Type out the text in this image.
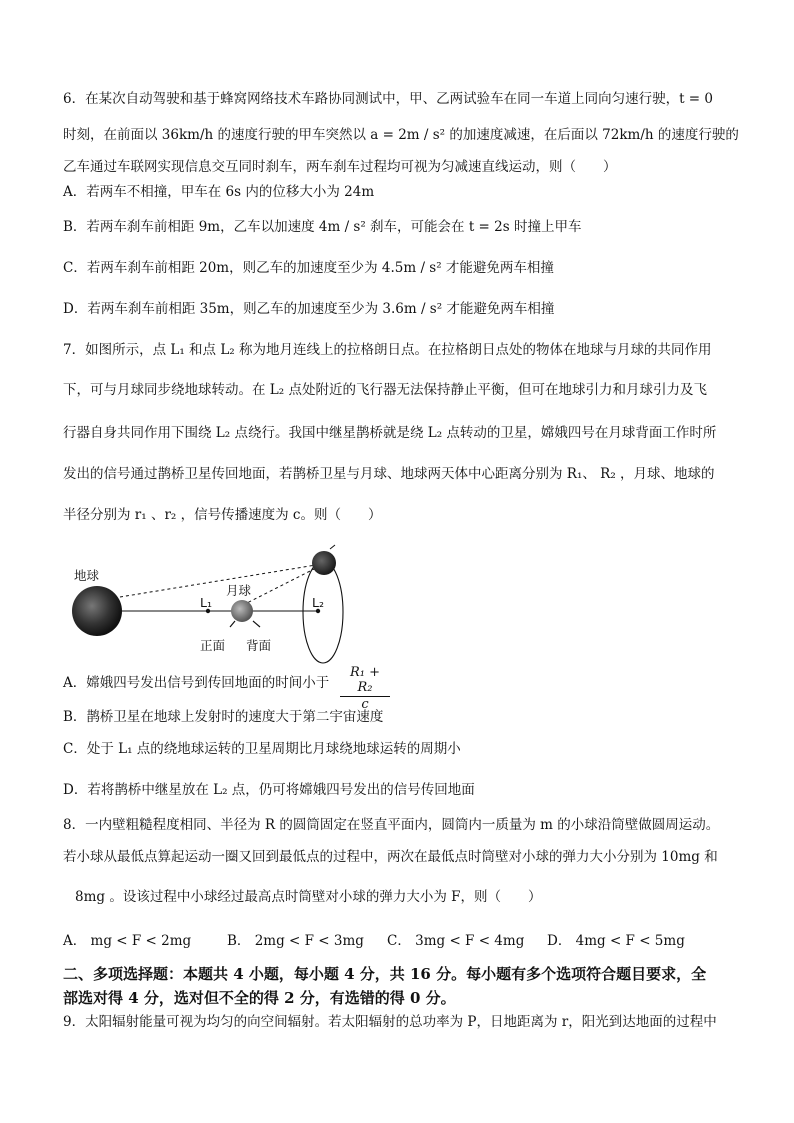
6．在某次自动驾驶和基于蜂窝网络技术车路协同测试中，甲、乙两试验车在同一车道上同向匀速行驶，t = 0
时刻，在前面以 36km/h 的速度行驶的甲车突然以 a = 2m / s² 的加速度减速，在后面以 72km/h 的速度行驶的
乙车通过车联网实现信息交互同时刹车，两车刹车过程均可视为匀减速直线运动，则（　　）
A．若两车不相撞，甲车在 6s 内的位移大小为 24m
B．若两车刹车前相距 9m，乙车以加速度 4m / s² 刹车，可能会在 t = 2s 时撞上甲车
C．若两车刹车前相距 20m，则乙车的加速度至少为 4.5m / s² 才能避免两车相撞
D．若两车刹车前相距 35m，则乙车的加速度至少为 3.6m / s² 才能避免两车相撞
7．如图所示，点 L₁ 和点 L₂ 称为地月连线上的拉格朗日点。在拉格朗日点处的物体在地球与月球的共同作用
下，可与月球同步绕地球转动。在 L₂ 点处附近的飞行器无法保持静止平衡，但可在地球引力和月球引力及飞
行器自身共同作用下围绕 L₂ 点绕行。我国中继星鹊桥就是绕 L₂ 点转动的卫星，嫦娥四号在月球背面工作时所
发出的信号通过鹊桥卫星传回地面，若鹊桥卫星与月球、地球两天体中心距离分别为 R₁、 R₂ ，月球、地球的
半径分别为 r₁ 、r₂ ，信号传播速度为 c。则（　　）
地球
L₁
月球
正面 背面
L₂
A．嫦娥四号发出信号到传回地面的时间小于 $\frac{\text{R₁ + R₂}}{c}$
B．鹊桥卫星在地球上发射时的速度大于第二宇宙速度
C．处于 L₁ 点的绕地球运转的卫星周期比月球绕地球运转的周期小
D．若将鹊桥中继星放在 L₂ 点，仍可将嫦娥四号发出的信号传回地面
8．一内壁粗糙程度相同、半径为 R 的圆筒固定在竖直平面内，圆筒内一质量为 m 的小球沿筒壁做圆周运动。
若小球从最低点算起运动一圈又回到最低点的过程中，两次在最低点时筒壁对小球的弹力大小分别为 10mg 和
8mg 。设该过程中小球经过最高点时筒壁对小球的弹力大小为 F，则（　　）
A． mg < F < 2mg	B． 2mg < F < 3mg C． 3mg < F < 4mg D． 4mg < F < 5mg
二、多项选择题：本题共 4 小题，每小题 4 分，共 16 分。每小题有多个选项符合题目要求，全
部选对得 4 分，选对但不全的得 2 分，有选错的得 0 分。
9．太阳辐射能量可视为均匀的向空间辐射。若太阳辐射的总功率为 P，日地距离为 r，阳光到达地面的过程中
